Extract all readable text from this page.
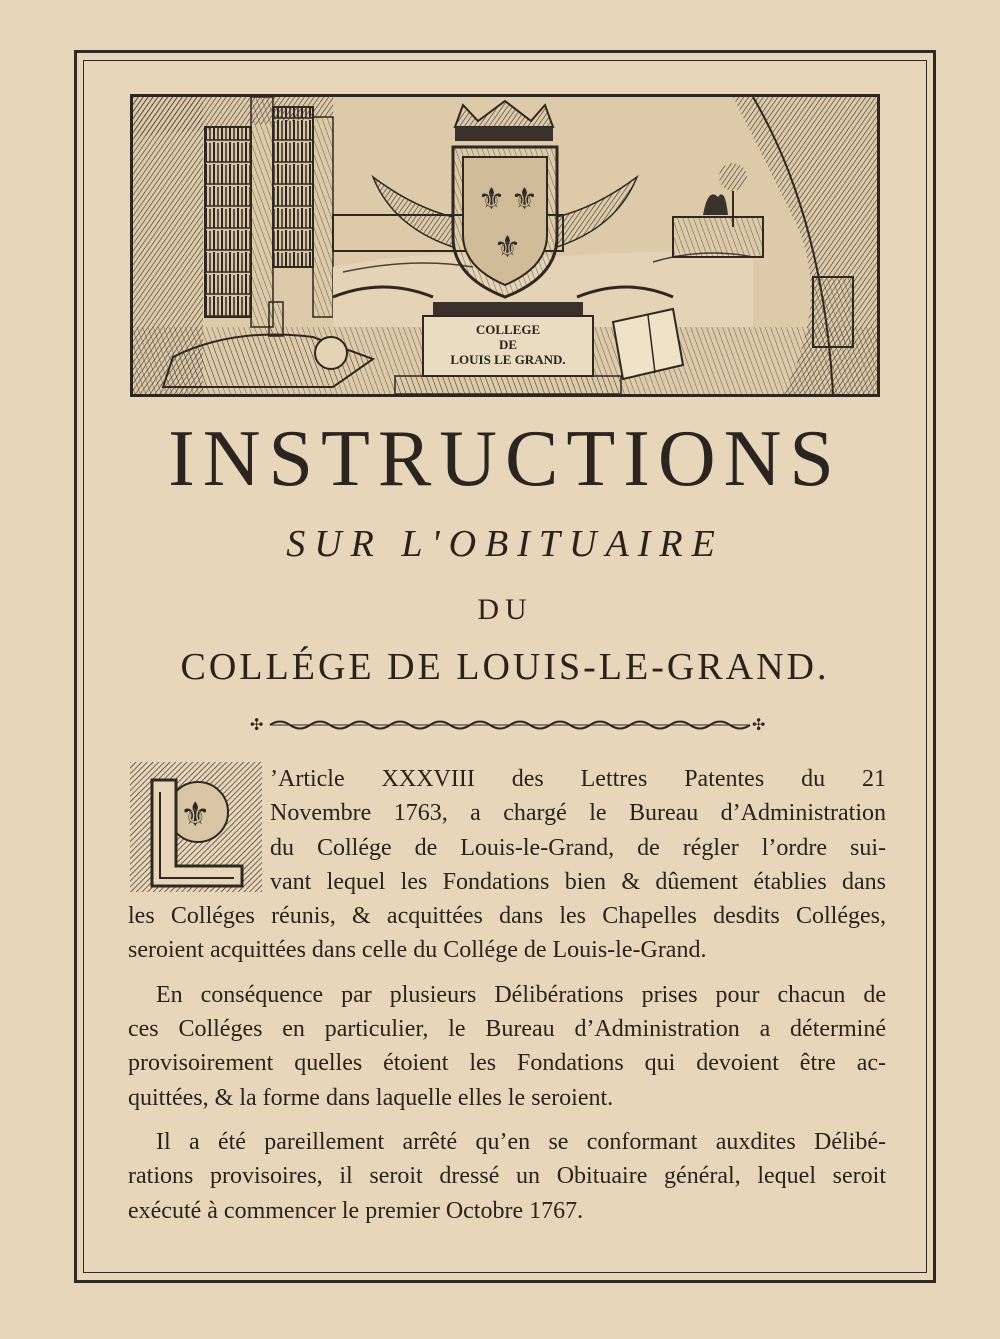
⚜ ⚜
⚜
COLLEGE
DE
LOUIS LE GRAND.
INSTRUCTIONS
SUR L'OBITUAIRE
DU
COLLÉGE DE LOUIS-LE-GRAND.
✣	✣
⚜
’Article XXXVIII des Lettres Patentes du 21
Novembre 1763, a chargé le Bureau d’Administration
du Collége de Louis-le-Grand, de régler l’ordre sui-
vant lequel les Fondations bien & dûement établies dans
les Colléges réunis, & acquittées dans les Chapelles desdits Colléges,
seroient acquittées dans celle du Collége de Louis-le-Grand.
En conséquence par plusieurs Délibérations prises pour chacun de
ces Colléges en particulier, le Bureau d’Administration a déterminé
provisoirement quelles étoient les Fondations qui devoient être ac-
quittées, & la forme dans laquelle elles le seroient.
Il a été pareillement arrêté qu’en se conformant auxdites Délibé-
rations provisoires, il seroit dressé un Obituaire général, lequel seroit
exécuté à commencer le premier Octobre 1767.
